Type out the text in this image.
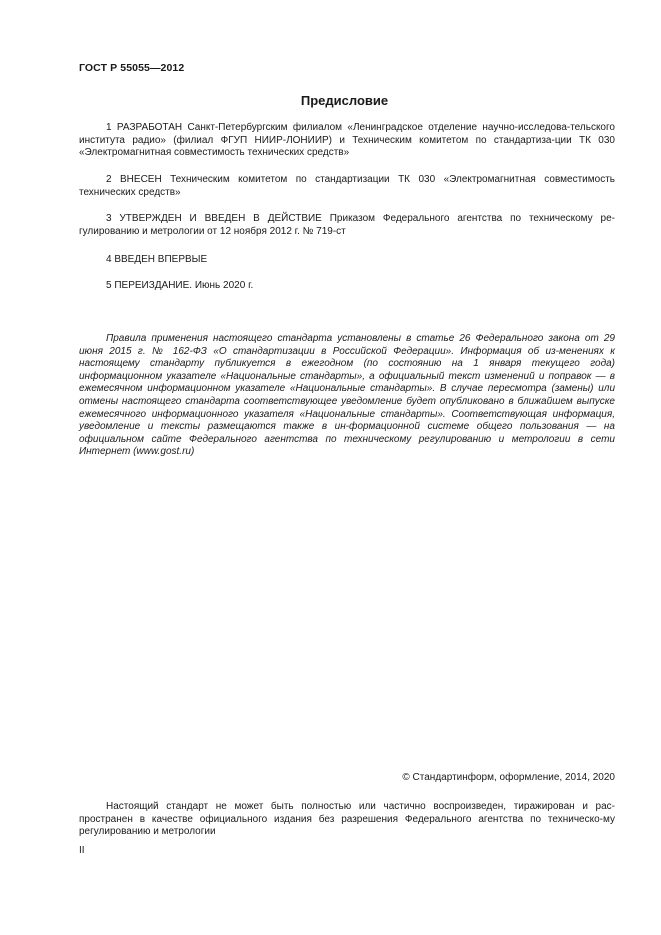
ГОСТ Р 55055—2012
Предисловие

1 РАЗРАБОТАН Санкт-Петербургским филиалом «Ленинградское отделение научно-исследова-тельского института радио» (филиал ФГУП НИИР-ЛОНИИР) и Техническим комитетом по стандартиза-ции ТК 030 «Электромагнитная совместимость технических средств»

2 ВНЕСЕН Техническим комитетом по стандартизации ТК 030 «Электромагнитная совместимость технических средств»

3 УТВЕРЖДЕН И ВВЕДЕН В ДЕЙСТВИЕ Приказом Федерального агентства по техническому ре-гулированию и метрологии от 12 ноября 2012 г. № 719-ст

4 ВВЕДЕН ВПЕРВЫЕ

5 ПЕРЕИЗДАНИЕ. Июнь 2020 г.

Правила применения настоящего стандарта установлены в статье 26 Федерального закона от 29 июня 2015 г. № 162-ФЗ «О стандартизации в Российской Федерации». Информация об из-менениях к настоящему стандарту публикуется в ежегодном (по состоянию на 1 января текущего года) информационном указателе «Национальные стандарты», а официальный текст изменений и поправок — в ежемесячном информационном указателе «Национальные стандарты». В случае пересмотра (замены) или отмены настоящего стандарта соответствующее уведомление будет опубликовано в ближайшем выпуске ежемесячного информационного указателя «Национальные стандарты». Соответствующая информация, уведомление и тексты размещаются также в ин-формационной системе общего пользования — на официальном сайте Федерального агентства по техническому регулированию и метрологии в сети Интернет (www.gost.ru)

© Стандартинформ, оформление, 2014, 2020

Настоящий стандарт не может быть полностью или частично воспроизведен, тиражирован и рас-пространен в качестве официального издания без разрешения Федерального агентства по техническо-му регулированию и метрологии

II
